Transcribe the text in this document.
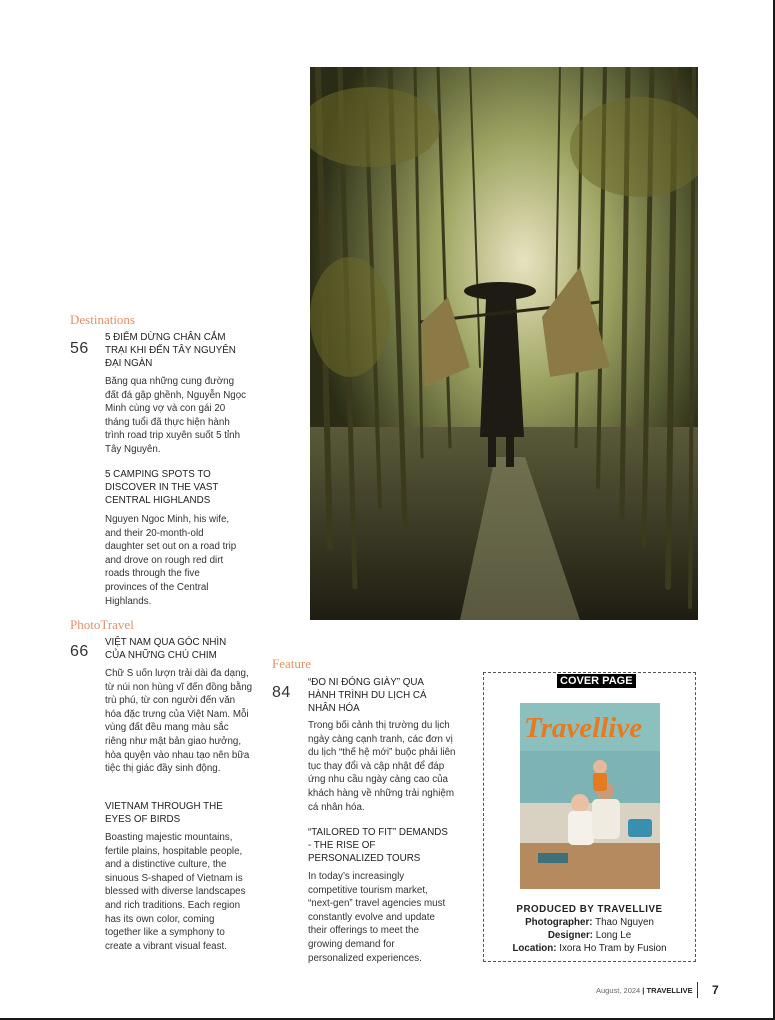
Destinations
56
5 ĐIỂM DỪNG CHÂN CẮM TRẠI KHI ĐẾN TÂY NGUYÊN ĐẠI NGÀN
Băng qua những cung đường đất đá gập ghềnh, Nguyễn Ngọc Minh cùng vợ và con gái 20 tháng tuổi đã thực hiện hành trình road trip xuyên suốt 5 tỉnh Tây Nguyên.
5 CAMPING SPOTS TO DISCOVER IN THE VAST CENTRAL HIGHLANDS
Nguyen Ngoc Minh, his wife, and their 20-month-old daughter set out on a road trip and drove on rough red dirt roads through the five provinces of the Central Highlands.
PhotoTravel
66
VIỆT NAM QUA GÓC NHÌN CỦA NHỮNG CHÚ CHIM
Chữ S uốn lượn trải dài đa dạng, từ núi non hùng vĩ đến đồng bằng trù phú, từ con người đến văn hóa đặc trưng của Việt Nam. Mỗi vùng đất đều mang màu sắc riêng như mật bản giao hưởng, hòa quyện vào nhau tạo nên bữa tiệc thị giác đầy sinh động.
VIETNAM THROUGH THE EYES OF BIRDS
Boasting majestic mountains, fertile plains, hospitable people, and a distinctive culture, the sinuous S-shaped of Vietnam is blessed with diverse landscapes and rich traditions. Each region has its own color, coming together like a symphony to create a vibrant visual feast.
Feature
84
“ĐO NI ĐÓNG GIÀY” QUA HÀNH TRÌNH DU LỊCH CÁ NHÂN HÓA
Trong bối cảnh thị trường du lịch ngày càng cạnh tranh, các đơn vị du lịch “thế hệ mới” buộc phải liên tục thay đổi và cập nhật để đáp ứng nhu cầu ngày càng cao của khách hàng về những trải nghiệm cá nhân hóa.
“TAILORED TO FIT” DEMANDS - THE RISE OF PERSONALIZED TOURS
In today’s increasingly competitive tourism market, “next-gen” travel agencies must constantly evolve and update their offerings to meet the growing demand for personalized experiences.
COVER PAGE
Travellive
PRODUCED BY TRAVELLIVE
Photographer: Thao Nguyen
Designer: Long Le
Location: Ixora Ho Tram by Fusion
August, 2024 | TRAVELLIVE 7
